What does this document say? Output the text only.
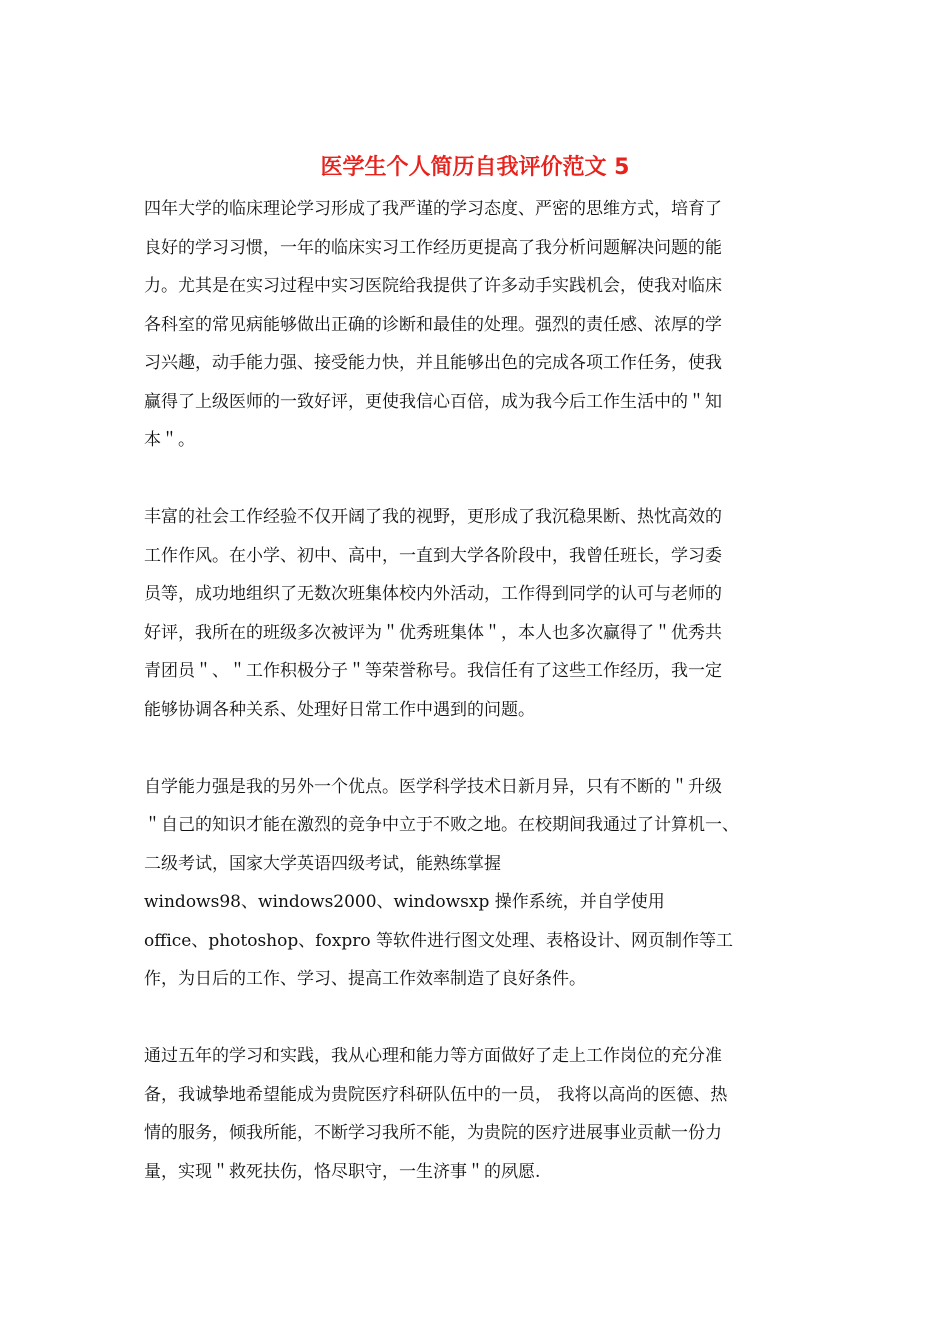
医学生个人简历自我评价范文 5

四年大学的临床理论学习形成了我严谨的学习态度、严密的思维方式，培育了
良好的学习习惯，一年的临床实习工作经历更提高了我分析问题解决问题的能
力。尤其是在实习过程中实习医院给我提供了许多动手实践机会，使我对临床
各科室的常见病能够做出正确的诊断和最佳的处理。强烈的责任感、浓厚的学
习兴趣，动手能力强、接受能力快，并且能够出色的完成各项工作任务，使我
赢得了上级医师的一致好评，更使我信心百倍，成为我今后工作生活中的＂知
本＂。

丰富的社会工作经验不仅开阔了我的视野，更形成了我沉稳果断、热忱高效的
工作作风。在小学、初中、高中，一直到大学各阶段中，我曾任班长，学习委
员等，成功地组织了无数次班集体校内外活动，工作得到同学的认可与老师的
好评，我所在的班级多次被评为＂优秀班集体＂，本人也多次赢得了＂优秀共
青团员＂、＂工作积极分子＂等荣誉称号。我信任有了这些工作经历，我一定
能够协调各种关系、处理好日常工作中遇到的问题。

自学能力强是我的另外一个优点。医学科学技术日新月异，只有不断的＂升级
＂自己的知识才能在激烈的竞争中立于不败之地。在校期间我通过了计算机一、
二级考试，国家大学英语四级考试，能熟练掌握
windows98、windows2000、windowsxp 操作系统，并自学使用
office、photoshop、foxpro 等软件进行图文处理、表格设计、网页制作等工
作，为日后的工作、学习、提高工作效率制造了良好条件。

通过五年的学习和实践，我从心理和能力等方面做好了走上工作岗位的充分准
备，我诚挚地希望能成为贵院医疗科研队伍中的一员， 我将以高尚的医德、热
情的服务，倾我所能，不断学习我所不能，为贵院的医疗进展事业贡献一份力
量，实现＂救死扶伤，恪尽职守，一生济事＂的夙愿.
